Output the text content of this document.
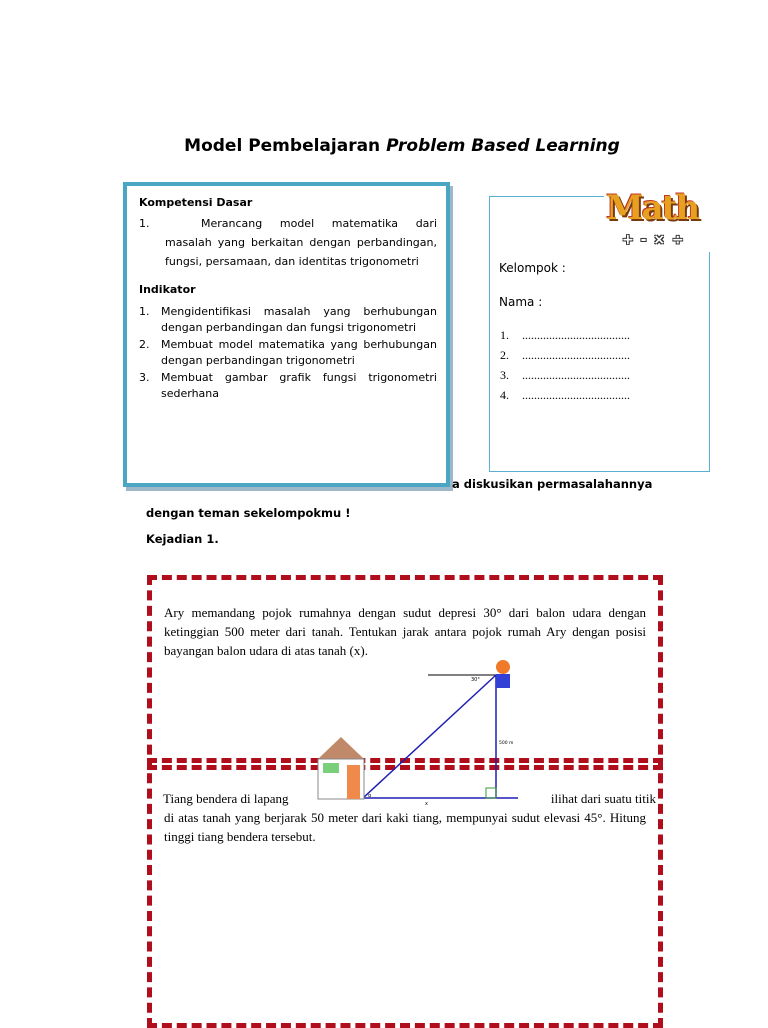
Model Pembelajaran Problem Based Learning
Kompetensi Dasar
1.	Merancang model matematika dari masalah yang berkaitan dengan perbandingan, fungsi, persamaan, dan identitas trigonometri
Indikator
1.	Mengidentifikasi masalah yang berhubungan dengan perbandingan dan fungsi trigonometri
2.	Membuat model matematika yang berhubungan dengan perbandingan trigonometri
3.	Membuat gambar grafik fungsi trigonometri sederhana
Kelompok :
Nama :
1. ....................................
2. ....................................
3. ....................................
4. ....................................
Math
+ - × ÷
a diskusikan permasalahannya
dengan teman sekelompokmu !
Kejadian 1.
Ary memandang pojok rumahnya dengan sudut depresi 30° dari balon udara dengan ketinggian 500 meter dari tanah. Tentukan jarak antara pojok rumah Ary dengan posisi bayangan balon udara di atas tanah (x).
Tiang bendera di lapang	ilihat dari suatu titik
di atas tanah yang berjarak 50 meter dari kaki tiang, mempunyai sudut elevasi 45°. Hitung tinggi tiang bendera tersebut.
30°
500 m
x
α
